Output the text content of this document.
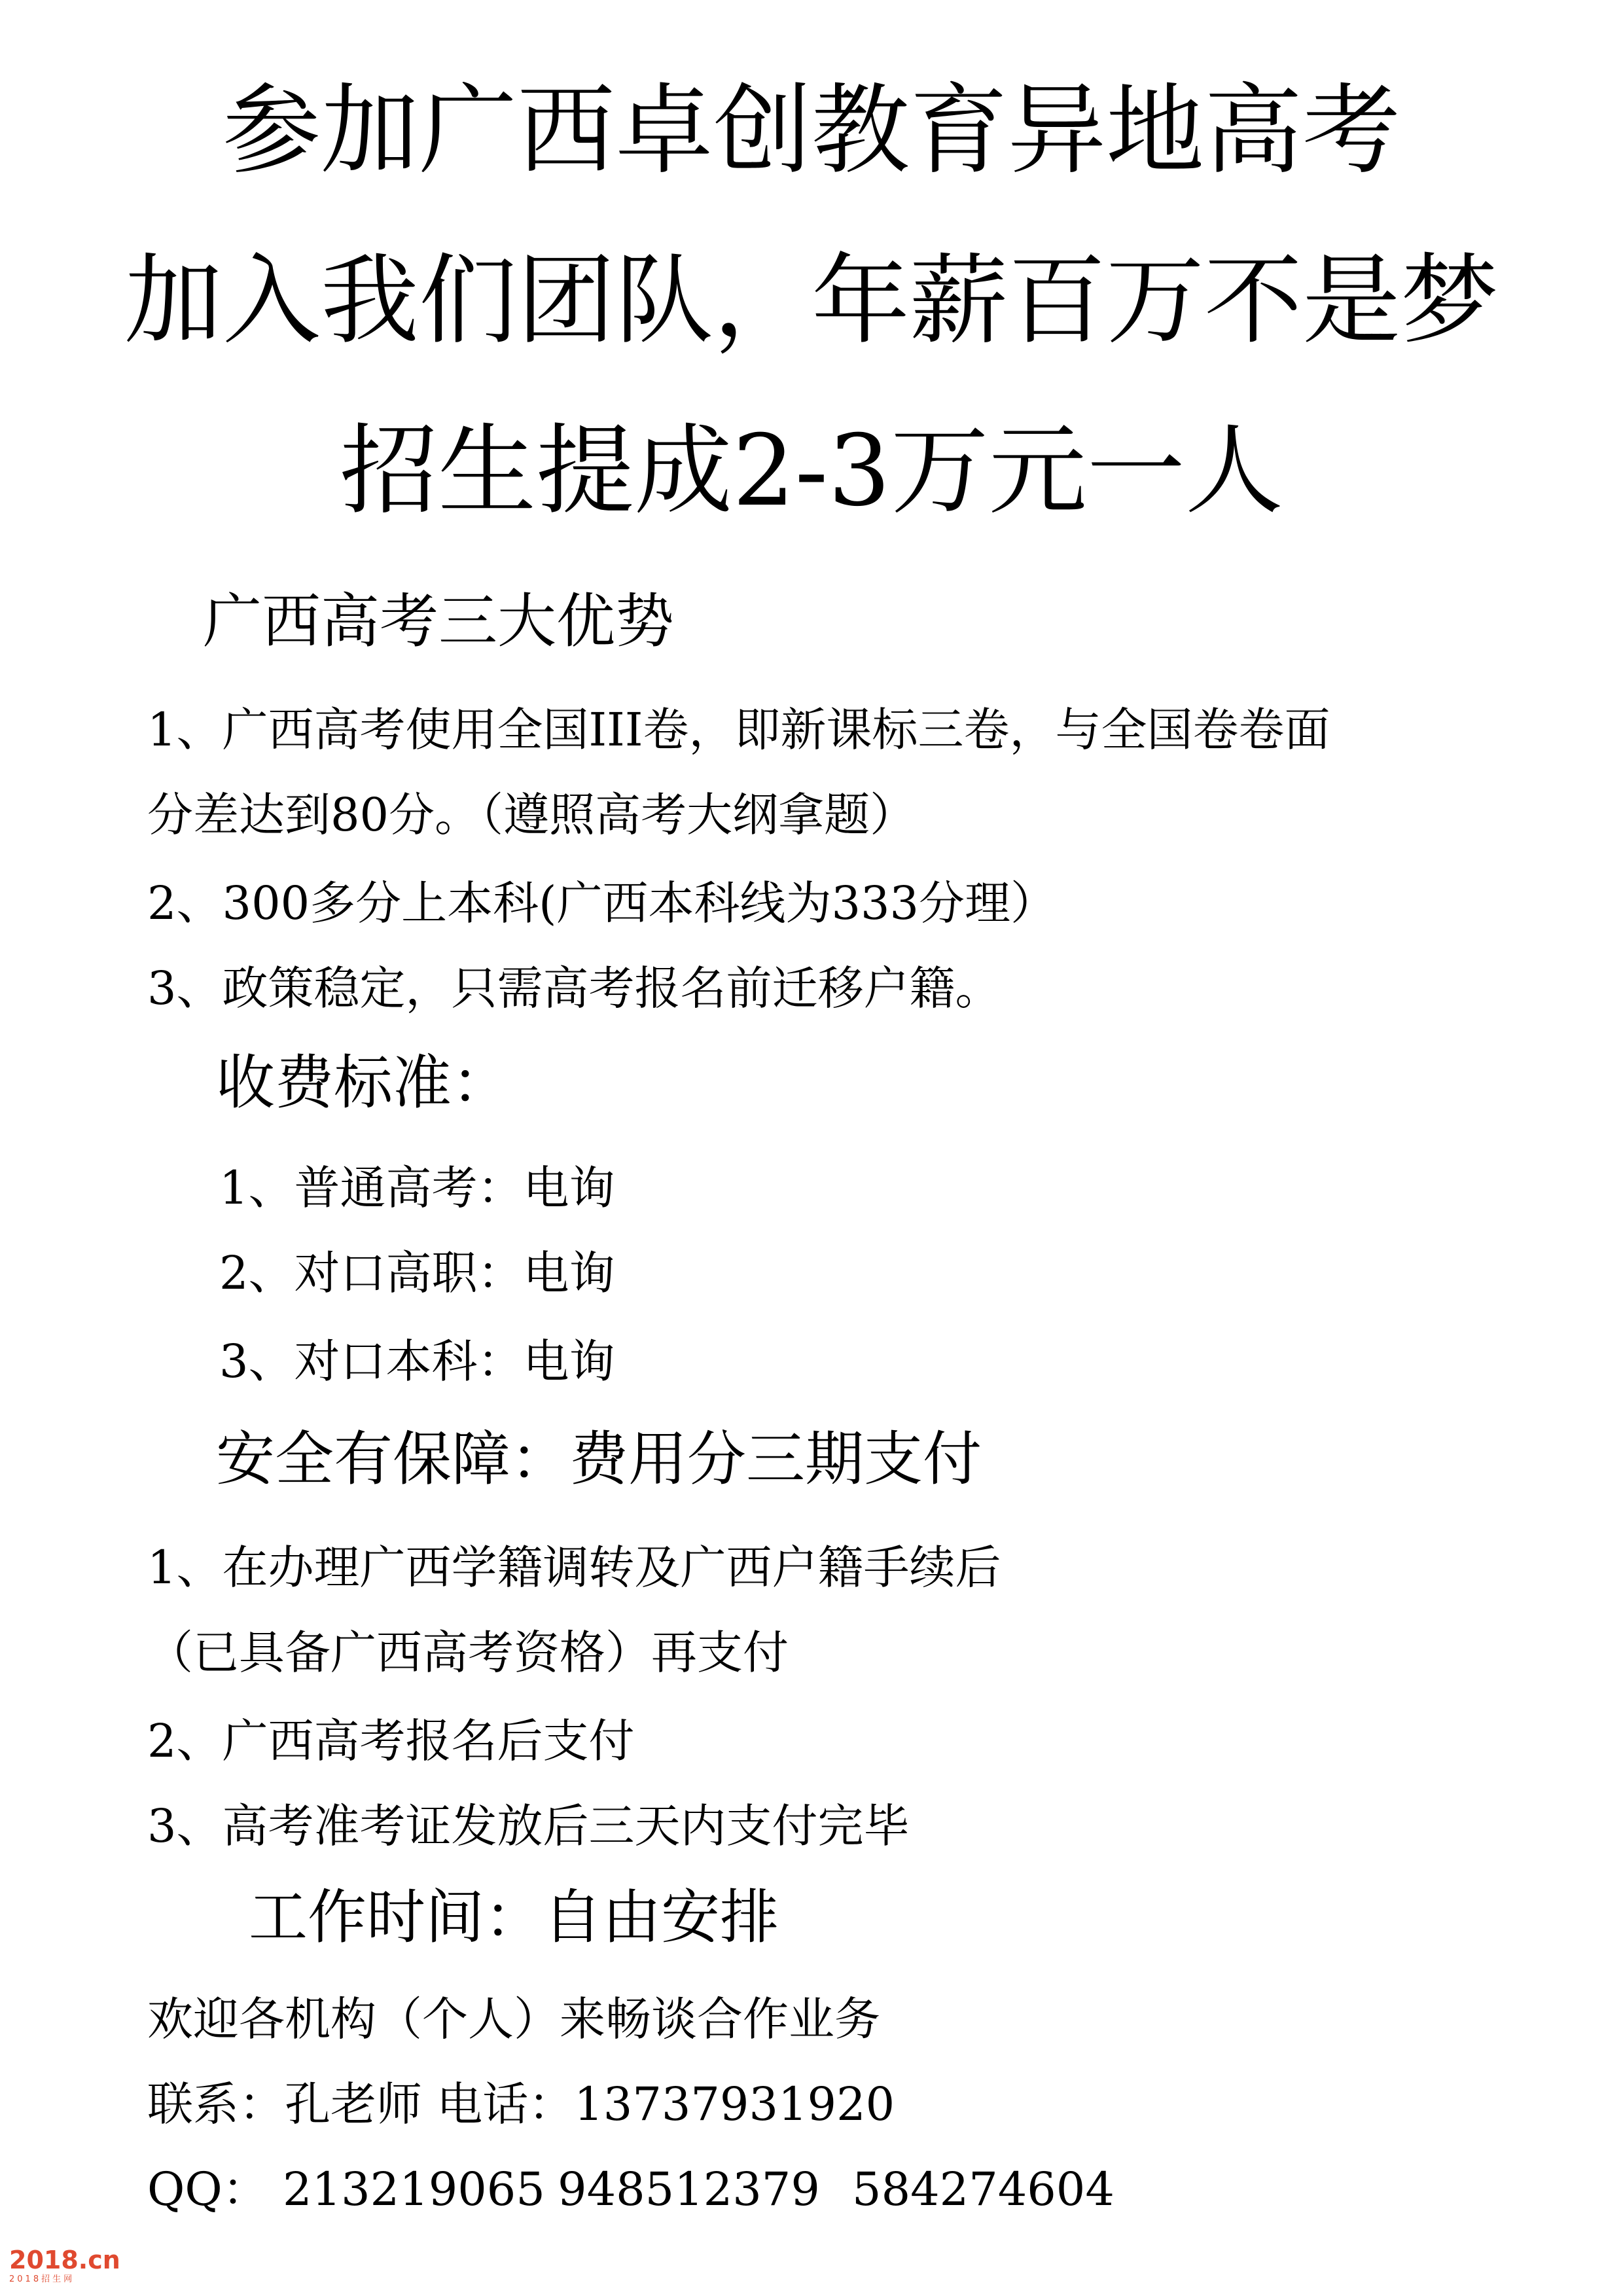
参加广西卓创教育异地高考
加入我们团队，年薪百万不是梦
招生提成2-3万元一人
广西高考三大优势
1、广西高考使用全国III卷，即新课标三卷，与全国卷卷面
分差达到80分。（遵照高考大纲拿题）
2、300多分上本科(广西本科线为333分理）
3、政策稳定，只需高考报名前迁移户籍。
收费标准：
1、普通高考：电询
2、对口高职：电询
3、对口本科：电询
安全有保障：费用分三期支付
1、在办理广西学籍调转及广西户籍手续后
（已具备广西高考资格）再支付
2、广西高考报名后支付
3、高考准考证发放后三天内支付完毕
工作时间：自由安排
欢迎各机构（个人）来畅谈合作业务
联系：孔老师 电话：13737931920
QQ： 213219065 948512379 584274604
2018.cn
2018招生网
